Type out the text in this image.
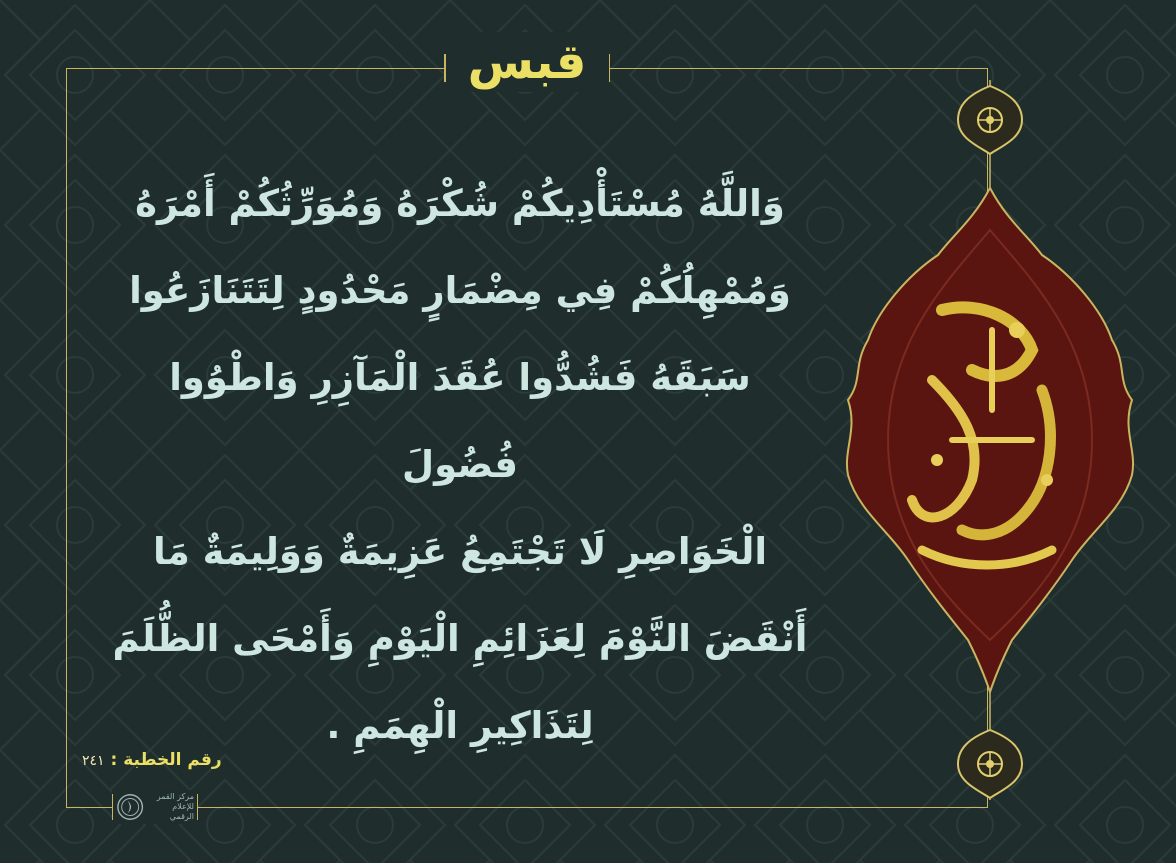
قبس
وَاللَّهُ مُسْتَأْدِيكُمْ شُكْرَهُ وَمُوَرِّثُكُمْ أَمْرَهُ
وَمُمْهِلُكُمْ فِي مِضْمَارٍ مَحْدُودٍ لِتَتَنَازَعُوا
سَبَقَهُ فَشُدُّوا عُقَدَ الْمَآزِرِ وَاطْوُوا فُضُولَ
الْخَوَاصِرِ لَا تَجْتَمِعُ عَزِيمَةٌ وَوَلِيمَةٌ مَا
أَنْقَضَ النَّوْمَ لِعَزَائِمِ الْيَوْمِ وَأَمْحَى الظُّلَمَ
لِتَذَاكِيرِ الْهِمَمِ .
رقم الخطبة : ٢٤١
مركز القمر
للإعلام الرقمي
